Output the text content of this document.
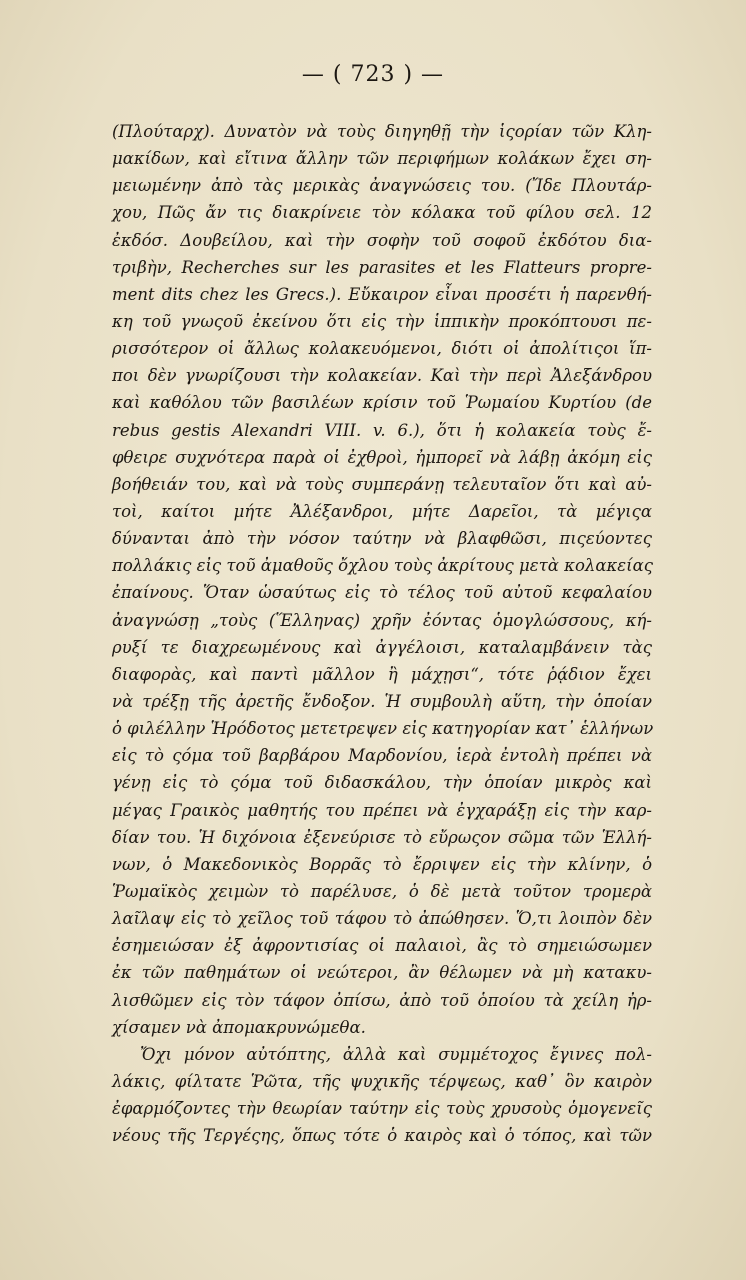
— ( 723 ) —
(Πλούταρχ). Δυνατὸν νὰ τοὺς διηγηθῇ τὴν ἱςορίαν τῶν Κλη-
μακίδων, καὶ εἴτινα ἄλλην τῶν περιφήμων κολάκων ἔχει ση-
μειωμένην ἀπὸ τὰς μερικὰς ἀναγνώσεις του. (Ἴδε Πλουτάρ-
χου, Πῶς ἄν τις διακρίνειε τὸν κόλακα τοῦ φίλου σελ. 12
ἐκδόσ. Δουβείλου, καὶ τὴν σοφὴν τοῦ σοφοῦ ἐκδότου δια-
τριβὴν, Recherches sur les parasites et les Flatteurs propre-
ment dits chez les Grecs.). Εὔκαιρον εἶναι προσέτι ἡ παρενθή-
κη τοῦ γνωςοῦ ἐκείνου ὅτι εἰς τὴν ἱππικὴν προκόπτουσι πε-
ρισσότερον οἱ ἄλλως κολακευόμενοι, διότι οἱ ἀπολίτιςοι ἵπ-
ποι δὲν γνωρίζουσι τὴν κολακείαν. Καὶ τὴν περὶ Ἀλεξάνδρου
καὶ καθόλου τῶν βασιλέων κρίσιν τοῦ Ῥωμαίου Κυρτίου (de
rebus gestis Alexandri VIII. v. 6.), ὅτι ἡ κολακεία τοὺς ἔ-
φθειρε συχνότερα παρὰ οἱ ἐχθροὶ, ἠμπορεῖ νὰ λάβῃ ἀκόμη εἰς
βοήθειάν του, καὶ νὰ τοὺς συμπεράνῃ τελευταῖον ὅτι καὶ αὐ-
τοὶ, καίτοι μήτε Ἀλέξανδροι, μήτε Δαρεῖοι, τὰ μέγιςα
δύνανται ἀπὸ τὴν νόσον ταύτην νὰ βλαφθῶσι, πιςεύοντες
πολλάκις εἰς τοῦ ἀμαθοῦς ὄχλου τοὺς ἀκρίτους μετὰ κολακείας
ἐπαίνους. Ὅταν ὡσαύτως εἰς τὸ τέλος τοῦ αὐτοῦ κεφαλαίου
ἀναγνώσῃ „τοὺς (Ἕλληνας) χρῆν ἐόντας ὁμογλώσσους, κή-
ρυξί τε διαχρεωμένους καὶ ἀγγέλοισι, καταλαμβάνειν τὰς
διαφορὰς, καὶ παντὶ μᾶλλον ἢ μάχῃσι“, τότε ῥᾴδιον ἔχει
νὰ τρέξῃ τῆς ἀρετῆς ἔνδοξον. Ἡ συμβουλὴ αὕτη, τὴν ὁποίαν
ὁ φιλέλλην Ἡρόδοτος μετετρεψεν εἰς κατηγορίαν κατ᾽ ἑλλήνων
εἰς τὸ ςόμα τοῦ βαρβάρου Μαρδονίου, ἱερὰ ἐντολὴ πρέπει νὰ
γένῃ εἰς τὸ ςόμα τοῦ διδασκάλου, τὴν ὁποίαν μικρὸς καὶ
μέγας Γραικὸς μαθητής του πρέπει νὰ ἐγχαράξῃ εἰς τὴν καρ-
δίαν του. Ἡ διχόνοια ἐξενεύρισε τὸ εὔρωςον σῶμα τῶν Ἑλλή-
νων, ὁ Μακεδονικὸς Βορρᾶς τὸ ἔρριψεν εἰς τὴν κλίνην, ὁ
Ῥωμαϊκὸς χειμὼν τὸ παρέλυσε, ὁ δὲ μετὰ τοῦτον τρομερὰ
λαῖλαψ εἰς τὸ χεῖλος τοῦ τάφου τὸ ἀπώθησεν. Ὅ,τι λοιπὸν δὲν
ἐσημειώσαν ἐξ ἀφροντισίας οἱ παλαιοὶ, ἂς τὸ σημειώσωμεν
ἐκ τῶν παθημάτων οἱ νεώτεροι, ἂν θέλωμεν νὰ μὴ κατακυ-
λισθῶμεν εἰς τὸν τάφον ὀπίσω, ἀπὸ τοῦ ὁποίου τὰ χείλη ἠρ-
χίσαμεν νὰ ἀπομακρυνώμεθα.
Ὄχι μόνον αὐτόπτης, ἀλλὰ καὶ συμμέτοχος ἔγινες πολ-
λάκις, φίλτατε Ῥῶτα, τῆς ψυχικῆς τέρψεως, καθ᾽ ὃν καιρὸν
ἐφαρμόζοντες τὴν θεωρίαν ταύτην εἰς τοὺς χρυσοὺς ὁμογενεῖς
νέους τῆς Τεργέςης, ὅπως τότε ὁ καιρὸς καὶ ὁ τόπος, καὶ τῶν
